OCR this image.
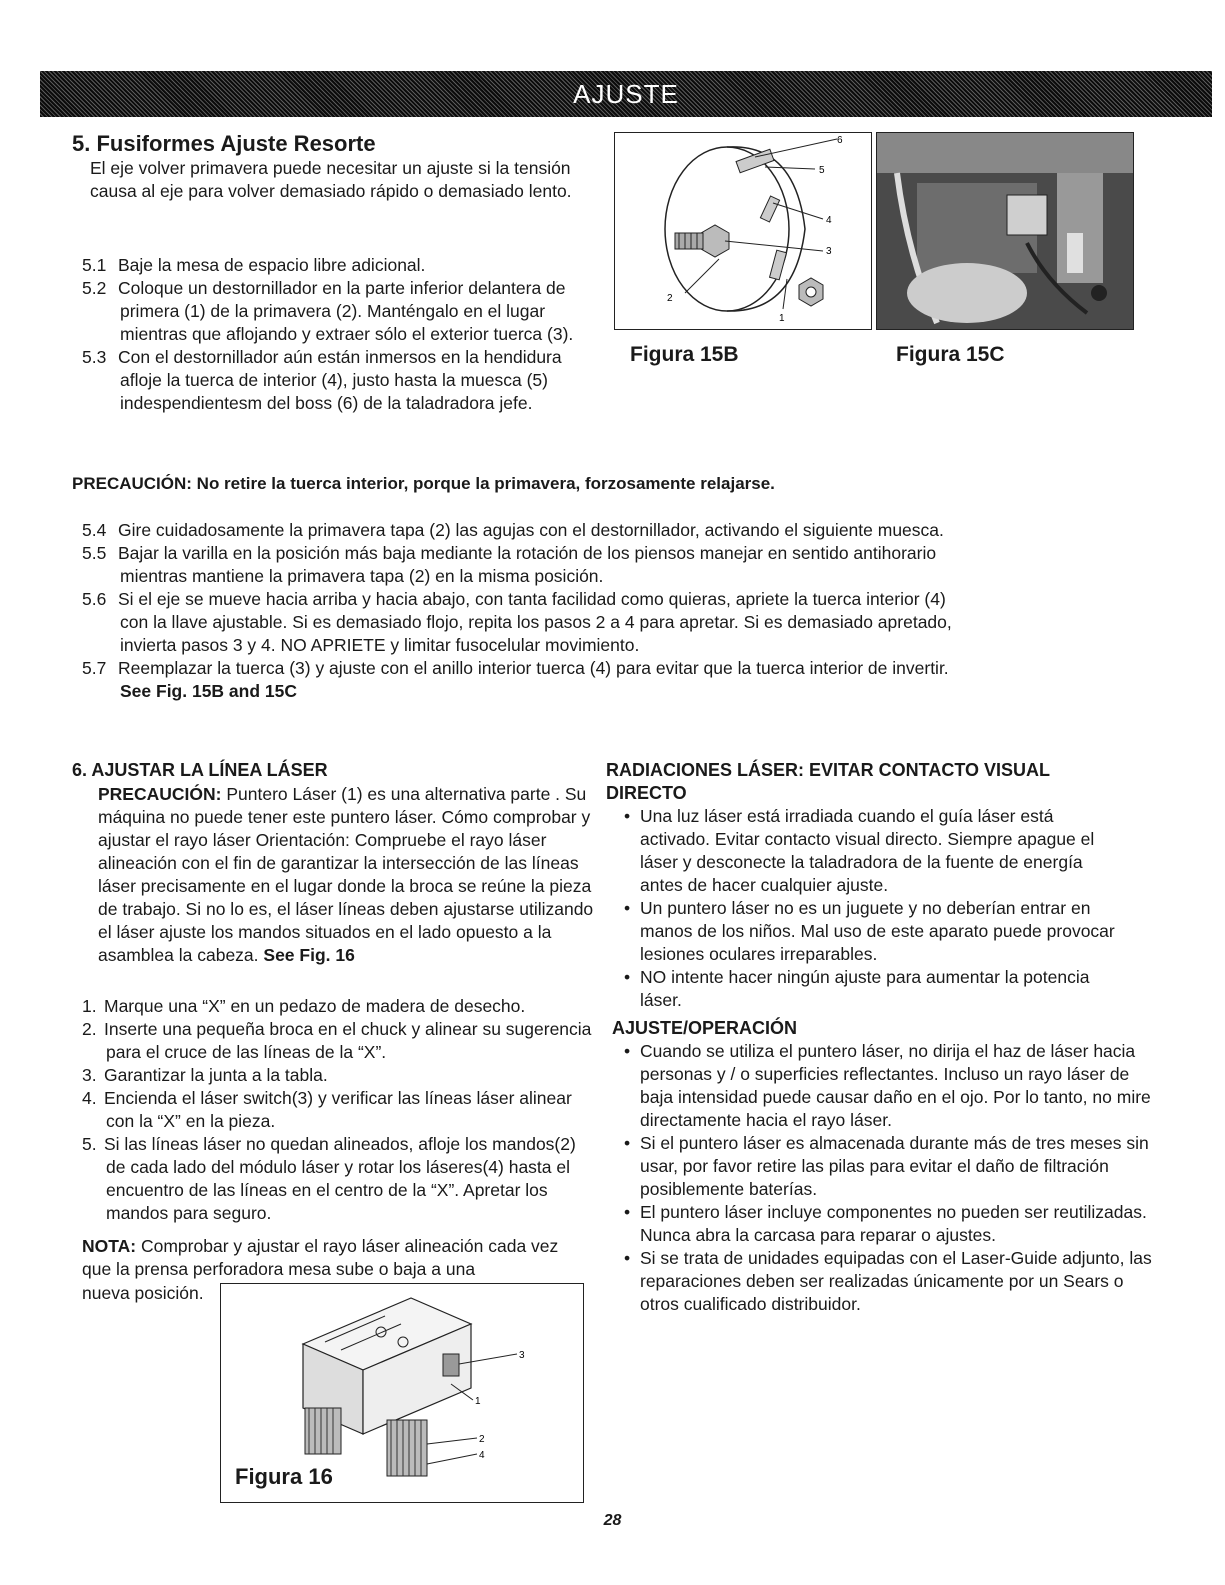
AJUSTE
5. Fusiformes Ajuste Resorte
El eje volver primavera puede necesitar un ajuste si la tensión causa al eje para volver demasiado rápido o demasiado lento.

5.1 Baje la mesa de espacio libre adicional.

5.2 Coloque un destornillador en la parte inferior delantera de primera (1) de la primavera (2). Manténgalo en el lugar mientras que aflojando y extraer sólo el exterior tuerca (3).

5.3 Con el destornillador aún están inmersos en la hendidura afloje la tuerca de interior (4), justo hasta la muesca (5) indespendientesm del boss (6) de la taladradora jefe.

PRECAUCIÓN: No retire la tuerca interior, porque la primavera, forzosamente relajarse.

5.4 Gire cuidadosamente la primavera tapa (2) las agujas con el destornillador, activando el siguiente muesca.

5.5 Bajar la varilla en la posición más baja mediante la rotación de los piensos manejar en sentido antihorario mientras mantiene la primavera tapa (2) en la misma posición.

5.6 Si el eje se mueve hacia arriba y hacia abajo, con tanta facilidad como quieras, apriete la tuerca interior (4) con la llave ajustable. Si es demasiado flojo, repita los pasos 2 a 4 para apretar. Si es demasiado apretado, invierta pasos 3 y 4. NO APRIETE y limitar fusocelular movimiento.

5.7 Reemplazar la tuerca (3) y ajuste con el anillo interior tuerca (4) para evitar que la tuerca interior de invertir. See Fig. 15B and 15C

6
5
4
3
2
1
Figura 15B	Figura 15C
6. AJUSTAR LA LÍNEA LÁSER
PRECAUCIÓN: Puntero Láser (1) es una alternativa parte . Su máquina no puede tener este puntero láser. Cómo comprobar y ajustar el rayo láser Orientación: Compruebe el rayo láser alineación con el fin de garantizar la intersección de las líneas láser precisamente en el lugar donde la broca se reúne la pieza de trabajo. Si no lo es, el láser líneas deben ajustarse utilizando el láser ajuste los mandos situados en el lado opuesto a la asamblea la cabeza. See Fig. 16

1. Marque una “X” en un pedazo de madera de desecho.

2. Inserte una pequeña broca en el chuck y alinear su sugerencia para el cruce de las líneas de la “X”.

3. Garantizar la junta a la tabla.

4. Encienda el láser switch(3) y verificar las líneas láser alinear con la “X” en la pieza.

5. Si las líneas láser no quedan alineados, afloje los mandos(2) de cada lado del módulo láser y rotar los láseres(4) hasta el encuentro de las líneas en el centro de la “X”. Apretar los mandos para seguro.

NOTA: Comprobar y ajustar el rayo láser alineación cada vez que la prensa perforadora mesa sube o baja a una
nueva posición.
3
1
2
4
Figura 16
RADIACIONES LÁSER: EVITAR CONTACTO VISUAL DIRECTO

• Una luz láser está irradiada cuando el guía láser está activado. Evitar contacto visual directo. Siempre apague el láser y desconecte la taladradora de la fuente de energía antes de hacer cualquier ajuste.

• Un puntero láser no es un juguete y no deberían entrar en manos de los niños. Mal uso de este aparato puede provocar lesiones oculares irreparables.

• NO intente hacer ningún ajuste para aumentar la potencia láser.

AJUSTE/OPERACIÓN

• Cuando se utiliza el puntero láser, no dirija el haz de láser hacia personas y / o superficies reflectantes. Incluso un rayo láser de baja intensidad puede causar daño en el ojo. Por lo tanto, no mire directamente hacia el rayo láser.

• Si el puntero láser es almacenada durante más de tres meses sin usar, por favor retire las pilas para evitar el daño de filtración posiblemente baterías.

• El puntero láser incluye componentes no pueden ser reutilizadas. Nunca abra la carcasa para reparar o ajustes.

• Si se trata de unidades equipadas con el Laser-Guide adjunto, las reparaciones deben ser realizadas únicamente por un Sears o otros cualificado distribuidor.

28
